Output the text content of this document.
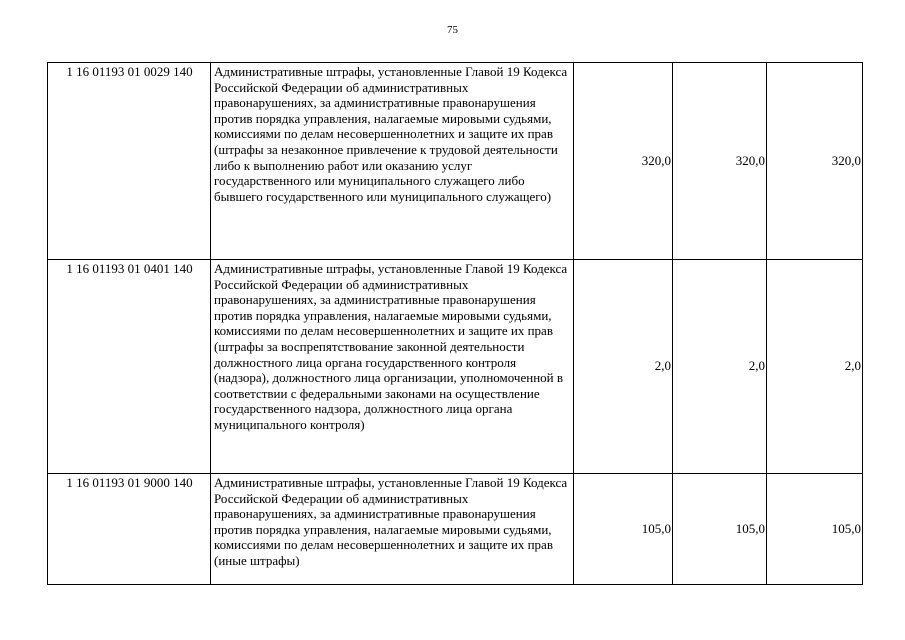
75
1 16 01193 01 0029 140	Административные штрафы, установленные Главой 19 Кодекса Российской Федерации об административных правонарушениях, за административные правонарушения против порядка управления, налагаемые мировыми судьями, комиссиями по делам несовершеннолетних и защите их прав (штрафы за незаконное привлечение к трудовой деятельности либо к выполнению работ или оказанию услуг государственного или муниципального служащего либо бывшего государственного или муниципального служащего)	320,0	320,0	320,0
1 16 01193 01 0401 140	Административные штрафы, установленные Главой 19 Кодекса Российской Федерации об административных правонарушениях, за административные правонарушения против порядка управления, налагаемые мировыми судьями, комиссиями по делам несовершеннолетних и защите их прав (штрафы за воспрепятствование законной деятельности должностного лица органа государственного контроля (надзора), должностного лица организации, уполномоченной в соответствии с федеральными законами на осуществление государственного надзора, должностного лица органа муниципального контроля)	2,0	2,0	2,0
1 16 01193 01 9000 140	Административные штрафы, установленные Главой 19 Кодекса Российской Федерации об административных правонарушениях, за административные правонарушения против порядка управления, налагаемые мировыми судьями, комиссиями по делам несовершеннолетних и защите их прав (иные штрафы)	105,0	105,0	105,0
